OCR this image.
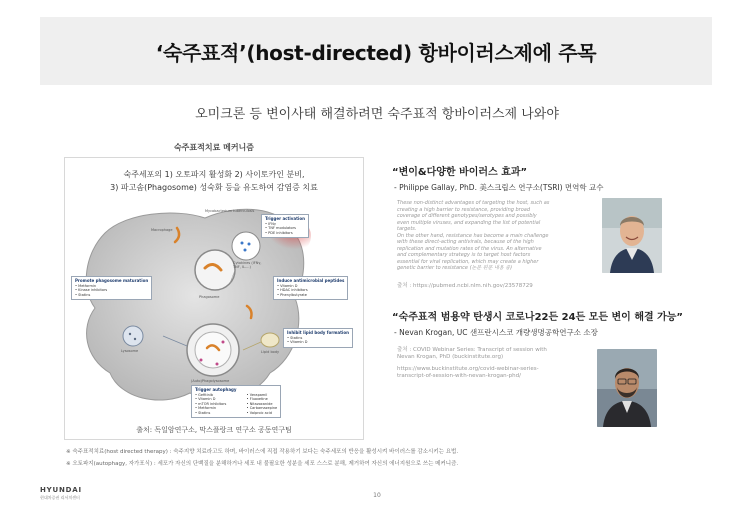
‘숙주표적’(host-directed) 항바이러스제에 주목
오미크론 등 변이사태 해결하려면 숙주표적 항바이러스제 나와야
숙주표적치료 메커니즘
숙주세포의 1) 오토파지 활성화 2) 사이토카인 분비,
3) 파고솜(Phagosome) 성숙화 등을 유도하여 감염증 치료
Mycobacterium tuberculosis
Macrophage
Phagosome
Lysosome	Lipid body
(Auto)Phagolysosome
Cytokines (IFNγ, TNF, IL-...)
Trigger activation
• IFNγ
• TNF modulators
• PDE inhibitors
Induce antimicrobial peptides
• Vitamin D
• HDAC inhibitors
• Phenylbutyrate
Inhibit lipid body formation
• Statins
• Vitamin D
Promote phagosome maturation
• Metformin
• Kinase inhibitors
• Statins
Trigger autophagy
• Gefitinib
• Vitamin D
• mTOR inhibitors
• Metformin
• Statins
• Verapamil
• Fluoxetine
• Nitazoxanide
• Carbamazepine
• Valproic acid
출처: 독일암연구소, 막스플랑크 연구소 공동연구팀
“변이&다양한 바이러스 효과”
- Philippe Gallay, PhD. 美스크립스 연구소(TSRI) 면역학 교수
These non-distinct advantages of targeting the host, such as
creating a high barrier to resistance, providing broad
coverage of different genotypes/serotypes and possibly
even multiple viruses, and expanding the list of potential
targets.
On the other hand, resistance has become a main challenge
with these direct-acting antivirals, because of the high
replication and mutation rates of the virus. An alternative
and complementary strategy is to target host factors
essential for viral replication, which may create a higher
genetic barrier to resistance (논문 원문 내용 중)
출처 : https://pubmed.ncbi.nlm.nih.gov/23578729
“숙주표적 범용약 탄생시 코로나22든 24든 모든 변이 해결 가능”
- Nevan Krogan, UC 샌프란시스코 개량생명공학연구소 소장
출처 : COVID Webinar Series: Transcript of session with
Nevan Krogan, PhD (buckinstitute.org)
https://www.buckinstitute.org/covid-webinar-series-
transcript-of-session-with-nevan-krogan-phd/
※ 숙주표적치료(host directed therapy) : 숙주지향 치료라고도 하며, 바이러스에 직접 작용하기 보다는 숙주세포의 반응을 활성시켜 바이러스를 감소시키는 요법.
※ 오토파지(autophagy, 자가포식) : 세포가 자신의 단백질을 분해하거나 세포 내 불필요한 성분을 세포 스스로 분해, 제거하여 자신의 에너지원으로 쓰는 메커니즘.
HYUNDAI
현대차증권 리서치센터	10
